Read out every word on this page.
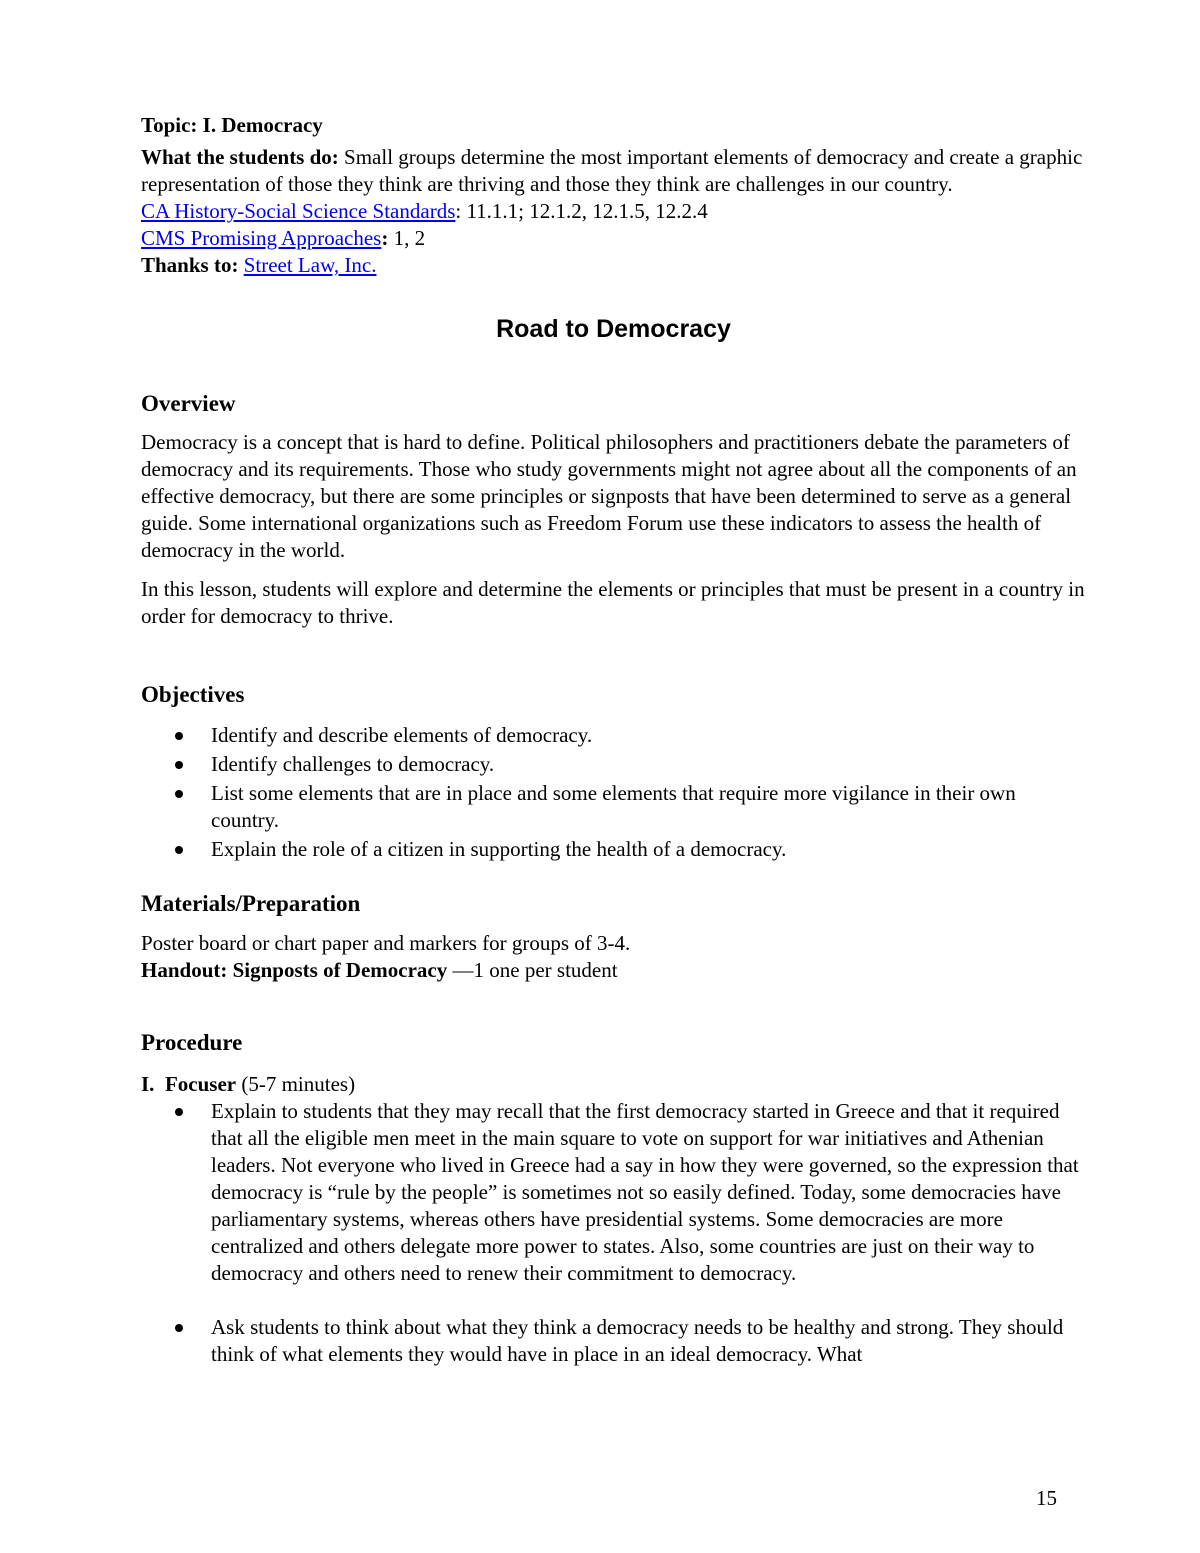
Topic: I. Democracy

What the students do: Small groups determine the most important elements of democracy and create a graphic representation of those they think are thriving and those they think are challenges in our country.

CA History-Social Science Standards: 11.1.1; 12.1.2, 12.1.5, 12.2.4

CMS Promising Approaches: 1, 2

Thanks to: Street Law, Inc.

Road to Democracy
Overview

Democracy is a concept that is hard to define. Political philosophers and practitioners debate the parameters of democracy and its requirements. Those who study governments might not agree about all the components of an effective democracy, but there are some principles or signposts that have been determined to serve as a general guide. Some international organizations such as Freedom Forum use these indicators to assess the health of democracy in the world.

In this lesson, students will explore and determine the elements or principles that must be present in a country in order for democracy to thrive.

Objectives
Identify and describe elements of democracy.
Identify challenges to democracy.
List some elements that are in place and some elements that require more vigilance in their own country.
Explain the role of a citizen in supporting the health of a democracy.
Materials/Preparation

Poster board or chart paper and markers for groups of 3-4.

Handout: Signposts of Democracy —1 one per student

Procedure

I. Focuser (5-7 minutes)

Explain to students that they may recall that the first democracy started in Greece and that it required that all the eligible men meet in the main square to vote on support for war initiatives and Athenian leaders. Not everyone who lived in Greece had a say in how they were governed, so the expression that democracy is “rule by the people” is sometimes not so easily defined. Today, some democracies have parliamentary systems, whereas others have presidential systems. Some democracies are more centralized and others delegate more power to states. Also, some countries are just on their way to democracy and others need to renew their commitment to democracy.
Ask students to think about what they think a democracy needs to be healthy and strong. They should think of what elements they would have in place in an ideal democracy. What
15
